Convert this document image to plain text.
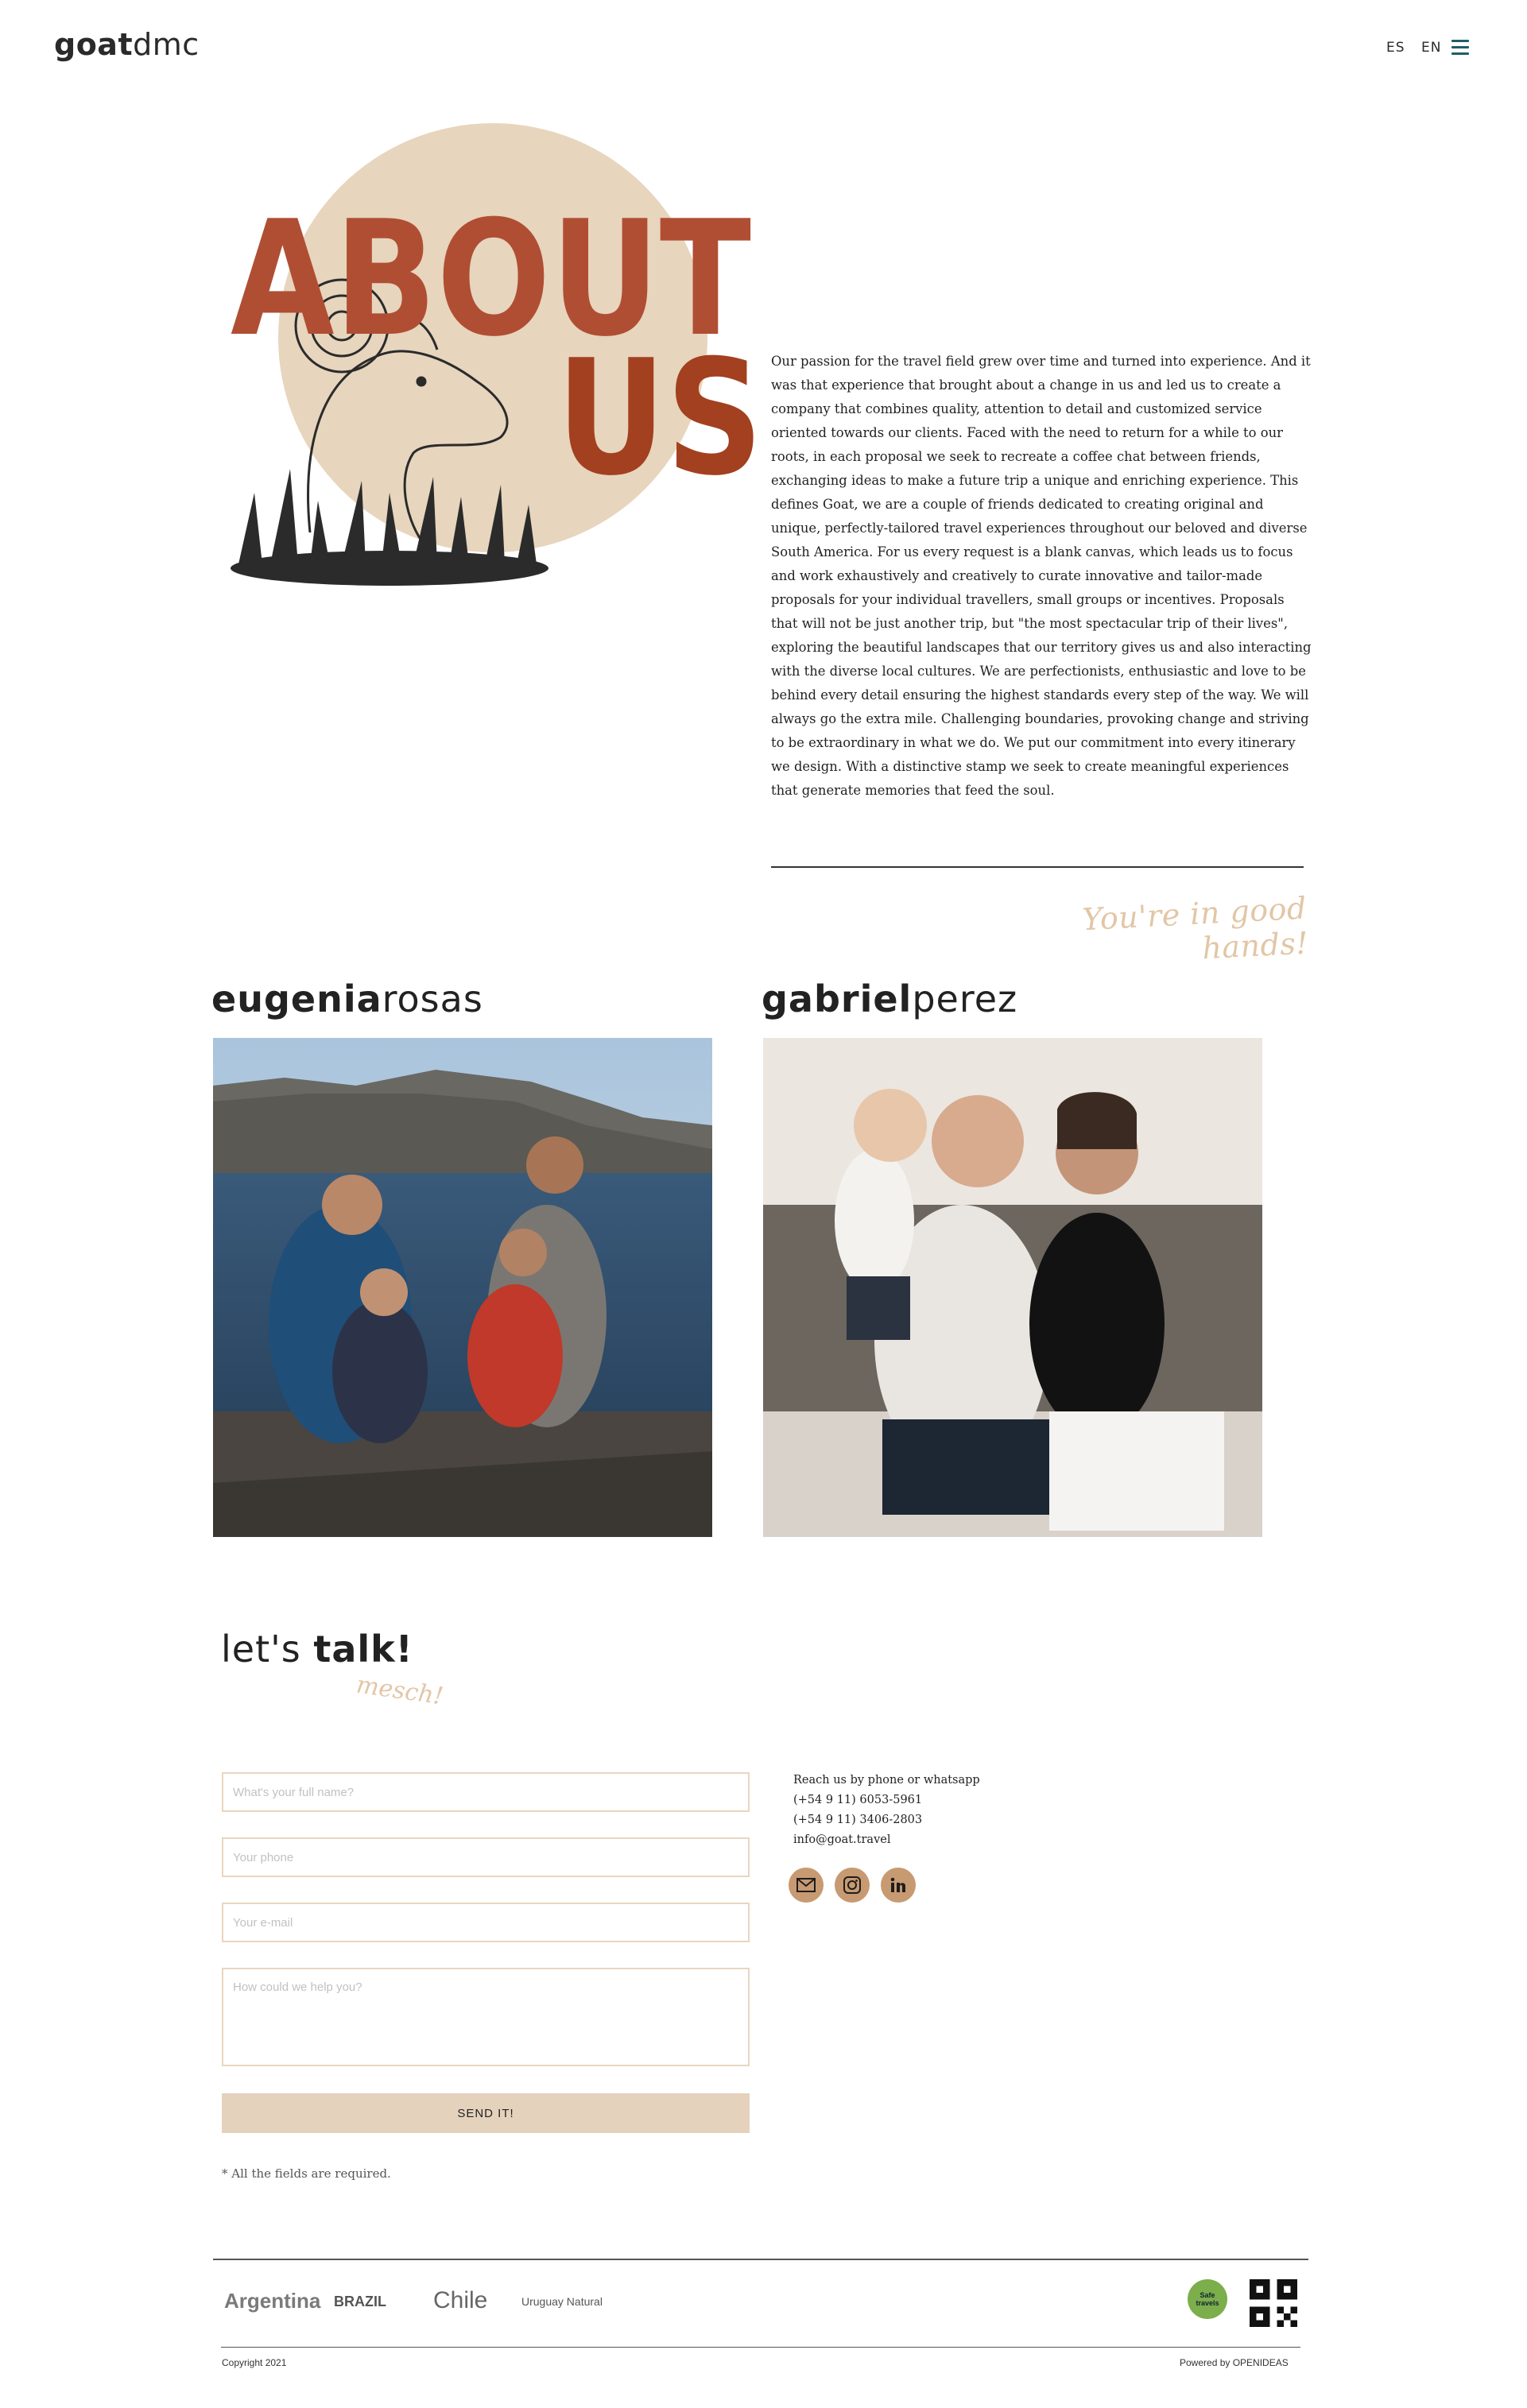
goatdmc	ES EN
ABOUT
US Our passion for the travel field grew over time and turned into experience. And it was that experience that brought about a change in us and led us to create a company that combines quality, attention to detail and customized service oriented towards our clients. Faced with the need to return for a while to our roots, in each proposal we seek to recreate a coffee chat between friends, exchanging ideas to make a future trip a unique and enriching experience. This defines Goat, we are a couple of friends dedicated to creating original and unique, perfectly-tailored travel experiences throughout our beloved and diverse South America. For us every request is a blank canvas, which leads us to focus and work exhaustively and creatively to curate innovative and tailor-made proposals for your individual travellers, small groups or incentives. Proposals that will not be just another trip, but "the most spectacular trip of their lives", exploring the beautiful landscapes that our territory gives us and also interacting with the diverse local cultures. We are perfectionists, enthusiastic and love to be behind every detail ensuring the highest standards every step of the way. We will always go the extra mile. Challenging boundaries, provoking change and striving to be extraordinary in what we do. We put our commitment into every itinerary we design. With a distinctive stamp we seek to create meaningful experiences that generate memories that feed the soul.

You're in good hands!
eugeniarosas	gabrielperez
let's talk!
mesch!
What's your full name?
Your phone
Your e-mail
How could we help you?
SEND IT!
* All the fields are required.
Reach us by phone or whatsapp
(+54 9 11) 6053-5961
(+54 9 11) 3406-2803
info@goat.travel
Argentina BRAZIL Chile	Uruguay Natural	Safe travels
Copyright 2021	Powered by OPENIDEAS
